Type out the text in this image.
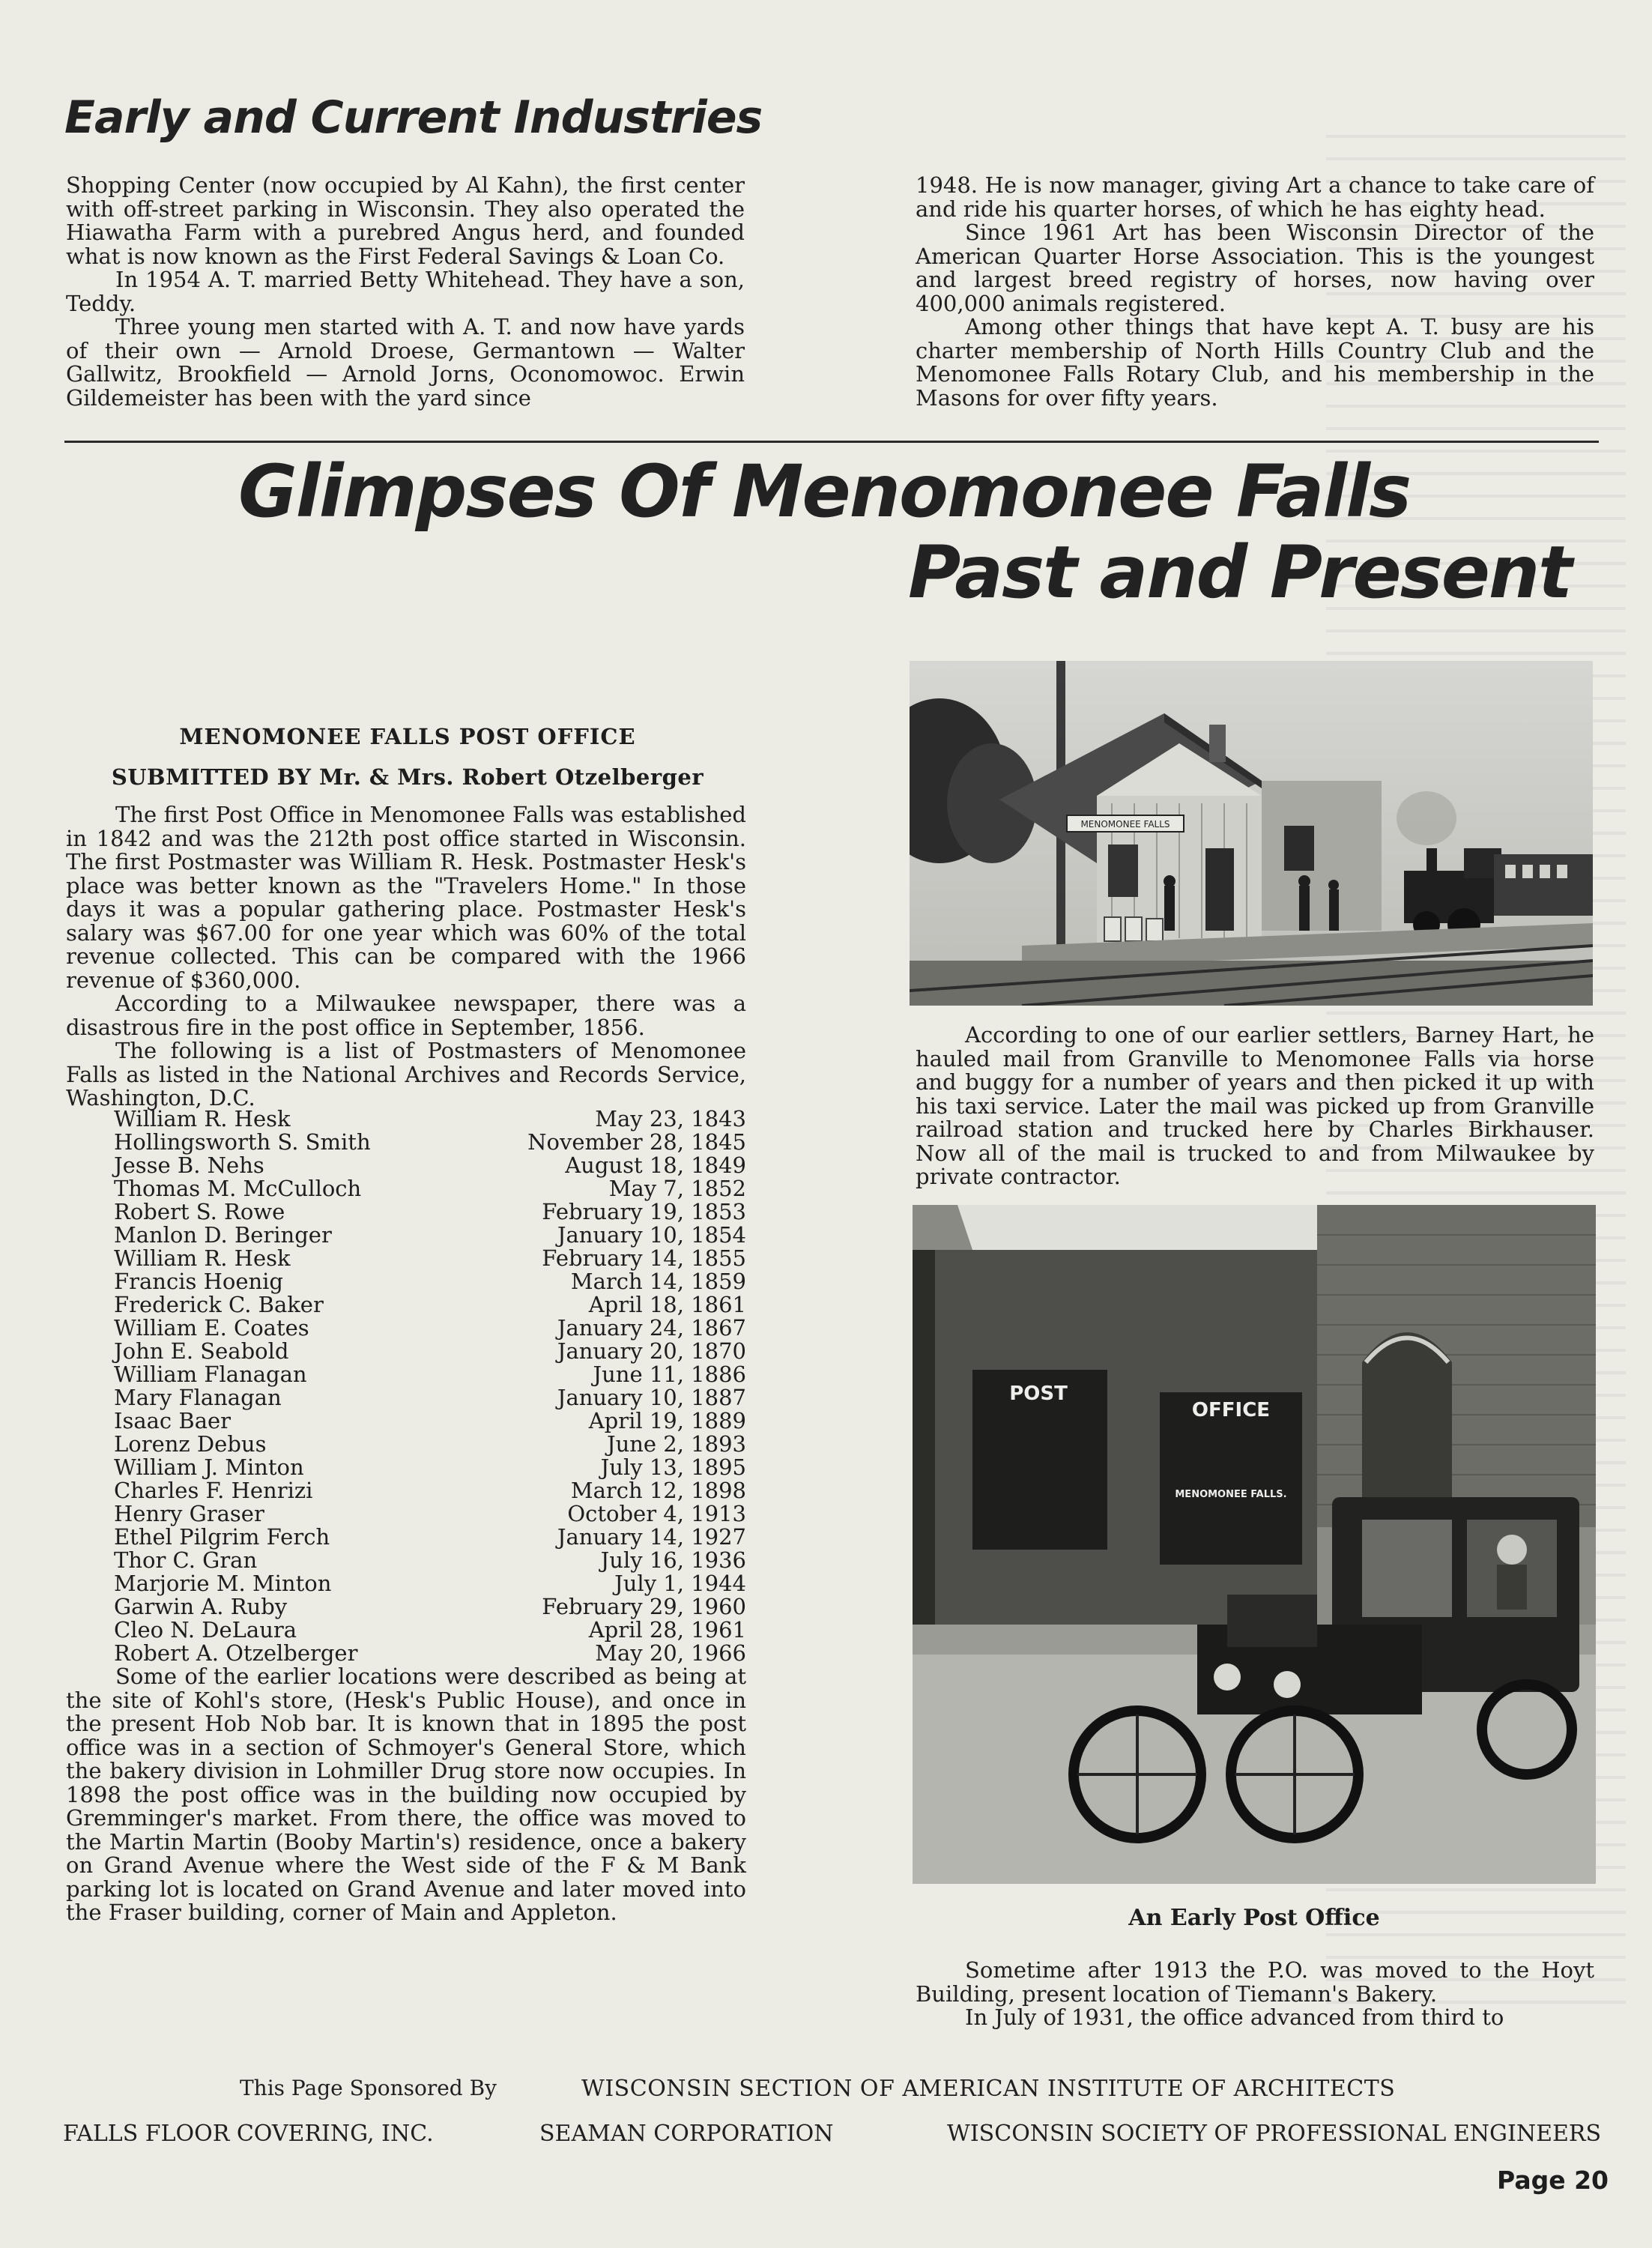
Early and Current Industries

Shopping Center (now occupied by Al Kahn), the first center with off-street parking in Wisconsin. They also operated the Hiawatha Farm with a purebred Angus herd, and founded what is now known as the First Federal Savings & Loan Co.

In 1954 A. T. married Betty Whitehead. They have a son, Teddy.

Three young men started with A. T. and now have yards of their own — Arnold Droese, Germantown — Walter Gallwitz, Brookfield — Arnold Jorns, Oconomowoc. Erwin Gildemeister has been with the yard since

1948. He is now manager, giving Art a chance to take care of and ride his quarter horses, of which he has eighty head.

Since 1961 Art has been Wisconsin Director of the American Quarter Horse Association. This is the youngest and largest breed registry of horses, now having over 400,000 animals registered.

Among other things that have kept A. T. busy are his charter membership of North Hills Country Club and the Menomonee Falls Rotary Club, and his membership in the Masons for over fifty years.

Glimpses Of Menomonee Falls
Past and Present
MENOMONEE FALLS POST OFFICE
SUBMITTED BY Mr. & Mrs. Robert Otzelberger

The first Post Office in Menomonee Falls was established in 1842 and was the 212th post office started in Wisconsin. The first Postmaster was William R. Hesk. Postmaster Hesk's place was better known as the "Travelers Home." In those days it was a popular gathering place. Postmaster Hesk's salary was $67.00 for one year which was 60% of the total revenue collected. This can be compared with the 1966 revenue of $360,000.

According to a Milwaukee newspaper, there was a disastrous fire in the post office in September, 1856.

The following is a list of Postmasters of Menomonee Falls as listed in the National Archives and Records Service, Washington, D.C.

William R. Hesk	May 23, 1843
Hollingsworth S. Smith	November 28, 1845
Jesse B. Nehs	August 18, 1849
Thomas M. McCulloch	May 7, 1852
Robert S. Rowe	February 19, 1853
Manlon D. Beringer	January 10, 1854
William R. Hesk	February 14, 1855
Francis Hoenig	March 14, 1859
Frederick C. Baker	April 18, 1861
William E. Coates	January 24, 1867
John E. Seabold	January 20, 1870
William Flanagan	June 11, 1886
Mary Flanagan	January 10, 1887
Isaac Baer	April 19, 1889
Lorenz Debus	June 2, 1893
William J. Minton	July 13, 1895
Charles F. Henrizi	March 12, 1898
Henry Graser	October 4, 1913
Ethel Pilgrim Ferch	January 14, 1927
Thor C. Gran	July 16, 1936
Marjorie M. Minton	July 1, 1944
Garwin A. Ruby	February 29, 1960
Cleo N. DeLaura	April 28, 1961
Robert A. Otzelberger	May 20, 1966

Some of the earlier locations were described as being at the site of Kohl's store, (Hesk's Public House), and once in the present Hob Nob bar. It is known that in 1895 the post office was in a section of Schmoyer's General Store, which the bakery division in Lohmiller Drug store now occupies. In 1898 the post office was in the building now occupied by Gremminger's market. From there, the office was moved to the Martin Martin (Booby Martin's) residence, once a bakery on Grand Avenue where the West side of the F & M Bank parking lot is located on Grand Avenue and later moved into the Fraser building, corner of Main and Appleton.

MENOMONEE FALLS

According to one of our earlier settlers, Barney Hart, he hauled mail from Granville to Menomonee Falls via horse and buggy for a number of years and then picked it up with his taxi service. Later the mail was picked up from Granville railroad station and trucked here by Charles Birkhauser. Now all of the mail is trucked to and from Milwaukee by private contractor.

POST
OFFICE
MENOMONEE FALLS.
An Early Post Office

Sometime after 1913 the P.O. was moved to the Hoyt Building, present location of Tiemann's Bakery.

In July of 1931, the office advanced from third to

This Page Sponsored By	WISCONSIN SECTION OF AMERICAN INSTITUTE OF ARCHITECTS
FALLS FLOOR COVERING, INC.	SEAMAN CORPORATION	WISCONSIN SOCIETY OF PROFESSIONAL ENGINEERS
Page 20
